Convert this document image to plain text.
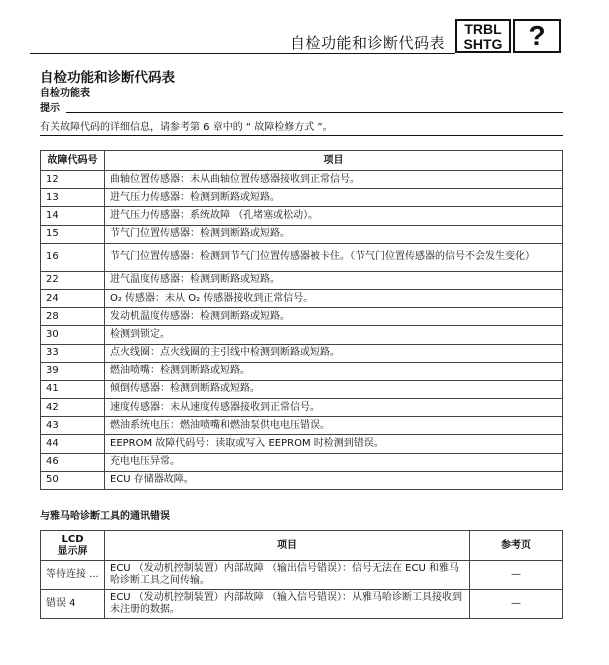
自检功能和诊断代码表
TRBL
SHTG ?
自检功能和诊断代码表
自检功能表
提示
有关故障代码的详细信息，请参考第 6 章中的 “ 故障检修方式 ”。
故障代码号	项目
12	曲轴位置传感器：未从曲轴位置传感器接收到正常信号。
13	进气压力传感器：检测到断路或短路。
14	进气压力传感器：系统故障 （孔堵塞或松动）。
15	节气门位置传感器：检测到断路或短路。
16	节气门位置传感器：检测到节气门位置传感器被卡住。（节气门位置传感器的信号不会发生变化）
22	进气温度传感器：检测到断路或短路。
24	O₂ 传感器：未从 O₂ 传感器接收到正常信号。
28	发动机温度传感器：检测到断路或短路。
30	检测到锁定。
33	点火线圈：点火线圈的主引线中检测到断路或短路。
39	燃油喷嘴：检测到断路或短路。
41	倾倒传感器：检测到断路或短路。
42	速度传感器：未从速度传感器接收到正常信号。
43	燃油系统电压：燃油喷嘴和燃油泵供电电压错误。
44	EEPROM 故障代码号：读取或写入 EEPROM 时检测到错误。
46	充电电压异常。
50	ECU 存储器故障。
与雅马哈诊断工具的通讯错误
LCD
显示屏	项目	参考页
等待连接 ...	ECU （发动机控制装置）内部故障 （输出信号错误）：信号无法在 ECU 和雅马哈诊断工具之间传输。	—
错误 4	ECU （发动机控制装置）内部故障 （输入信号错误）：从雅马哈诊断工具接收到未注册的数据。	—
